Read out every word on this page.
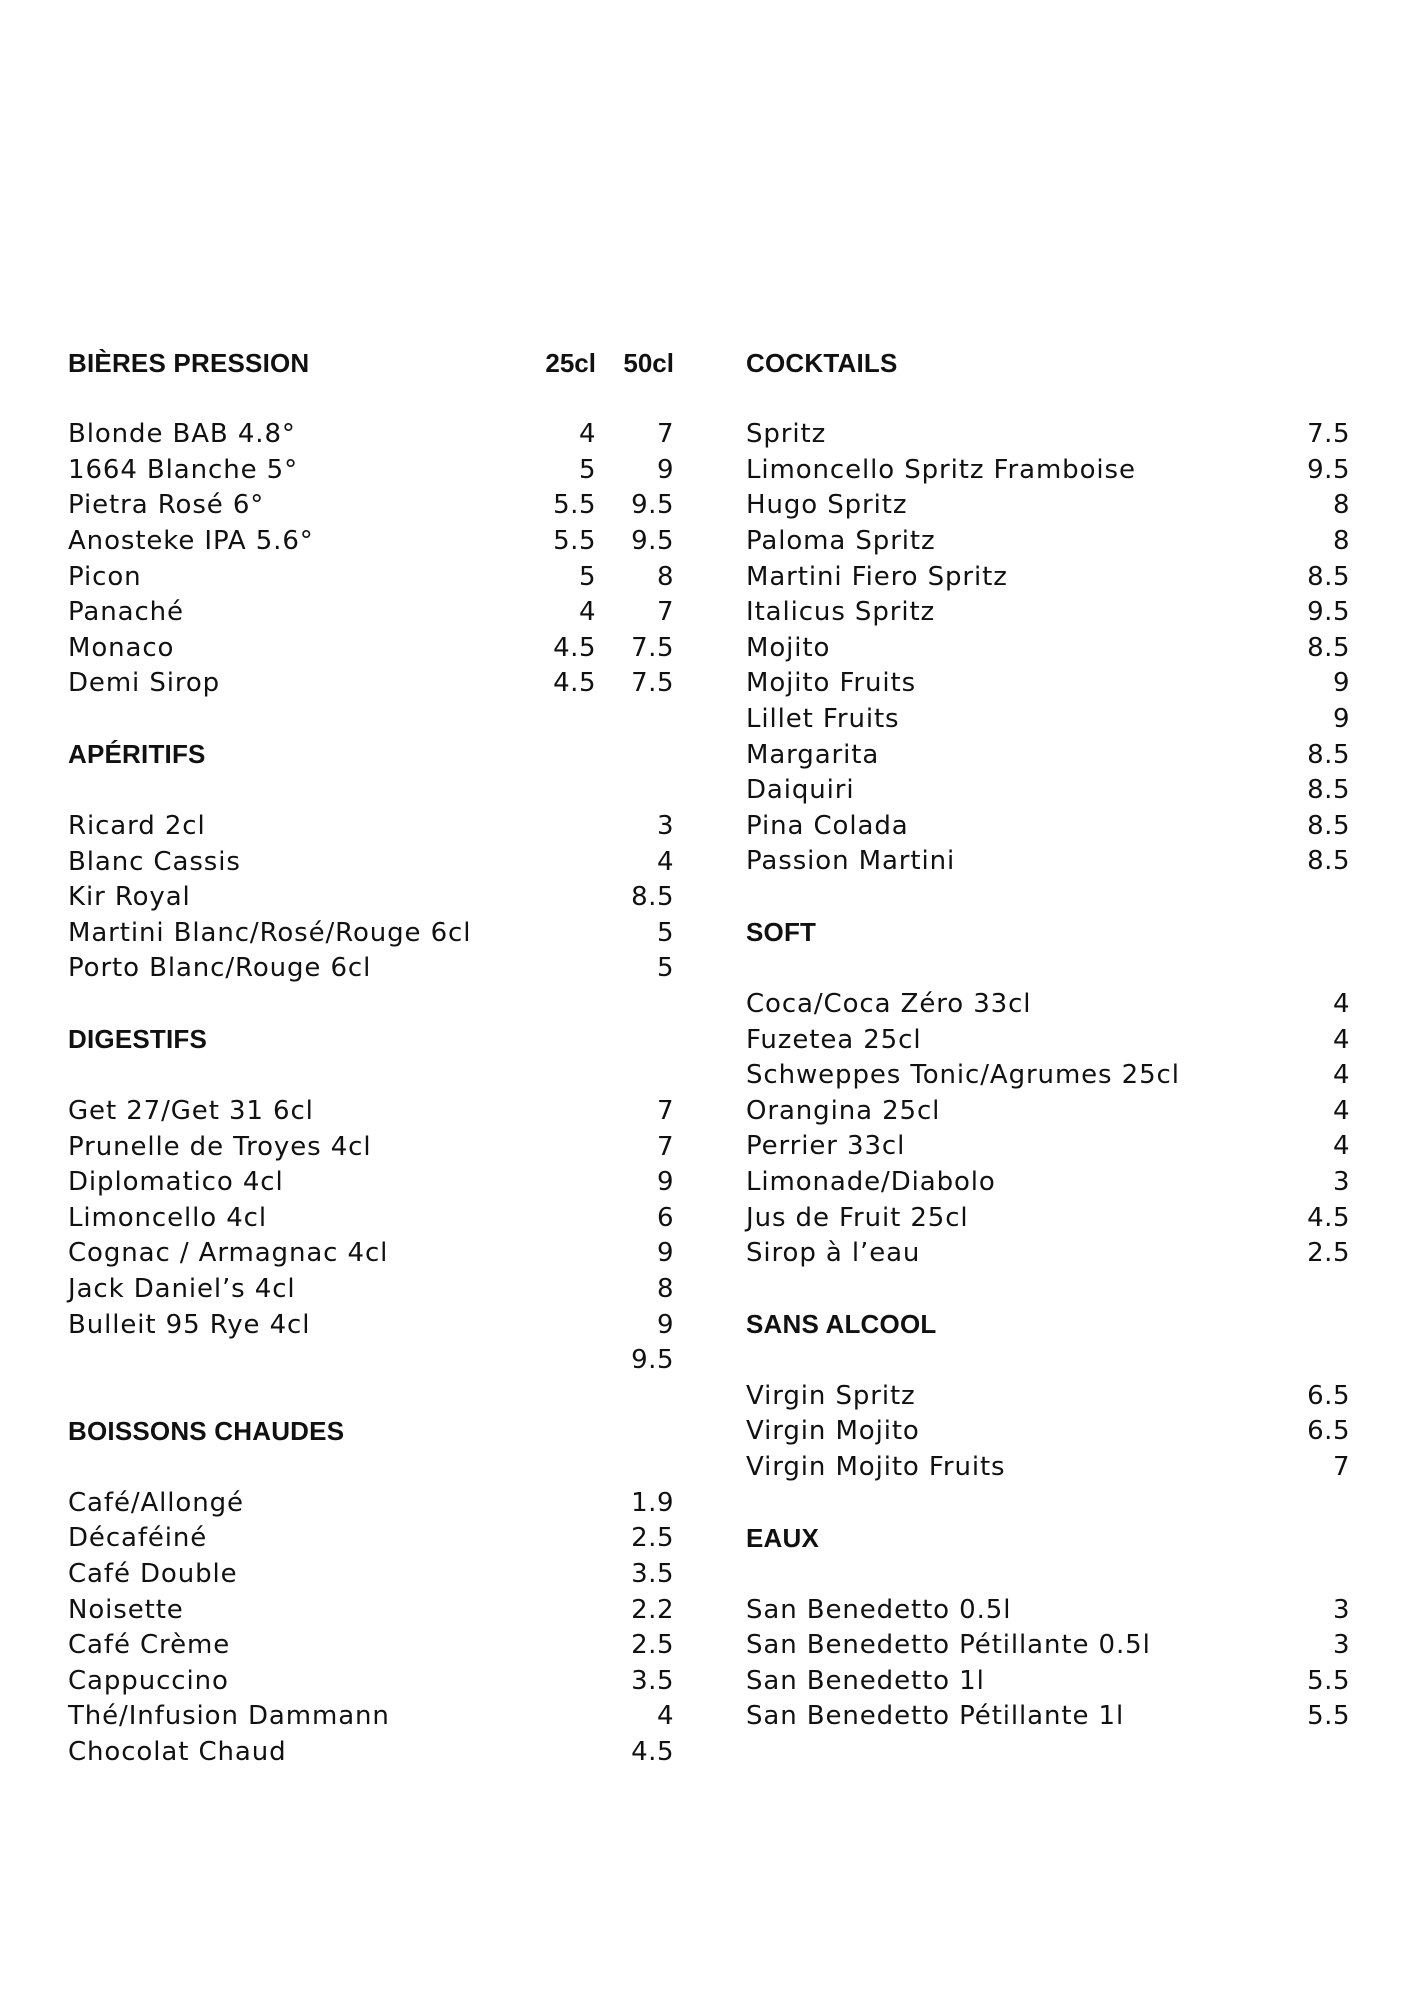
BIÈRES PRESSION	25cl	50cl
Blonde BAB 4.8°	4	7
1664 Blanche 5°	5	9
Pietra Rosé 6°	5.5	9.5
Anosteke IPA 5.6°	5.5	9.5
Picon	5	8
Panaché	4	7
Monaco	4.5	7.5
Demi Sirop	4.5	7.5
APÉRITIFS
Ricard 2cl	3
Blanc Cassis	4
Kir Royal	8.5
Martini Blanc/Rosé/Rouge 6cl	5
Porto Blanc/Rouge 6cl	5
DIGESTIFS
Get 27/Get 31 6cl	7
Prunelle de Troyes 4cl	7
Diplomatico 4cl	9
Limoncello 4cl	6
Cognac / Armagnac 4cl	9
Jack Daniel’s 4cl	8
Bulleit 95 Rye 4cl	9
9.5
BOISSONS CHAUDES
Café/Allongé	1.9
Décaféiné	2.5
Café Double	3.5
Noisette	2.2
Café Crème	2.5
Cappuccino	3.5
Thé/Infusion Dammann	4
Chocolat Chaud	4.5
COCKTAILS
Spritz	7.5
Limoncello Spritz Framboise	9.5
Hugo Spritz	8
Paloma Spritz	8
Martini Fiero Spritz	8.5
Italicus Spritz	9.5
Mojito	8.5
Mojito Fruits	9
Lillet Fruits	9
Margarita	8.5
Daiquiri	8.5
Pina Colada	8.5
Passion Martini	8.5
SOFT
Coca/Coca Zéro 33cl	4
Fuzetea 25cl	4
Schweppes Tonic/Agrumes 25cl	4
Orangina 25cl	4
Perrier 33cl	4
Limonade/Diabolo	3
Jus de Fruit 25cl	4.5
Sirop à l’eau	2.5
SANS ALCOOL
Virgin Spritz	6.5
Virgin Mojito	6.5
Virgin Mojito Fruits	7
EAUX
San Benedetto 0.5l	3
San Benedetto Pétillante 0.5l	3
San Benedetto 1l	5.5
San Benedetto Pétillante 1l	5.5
